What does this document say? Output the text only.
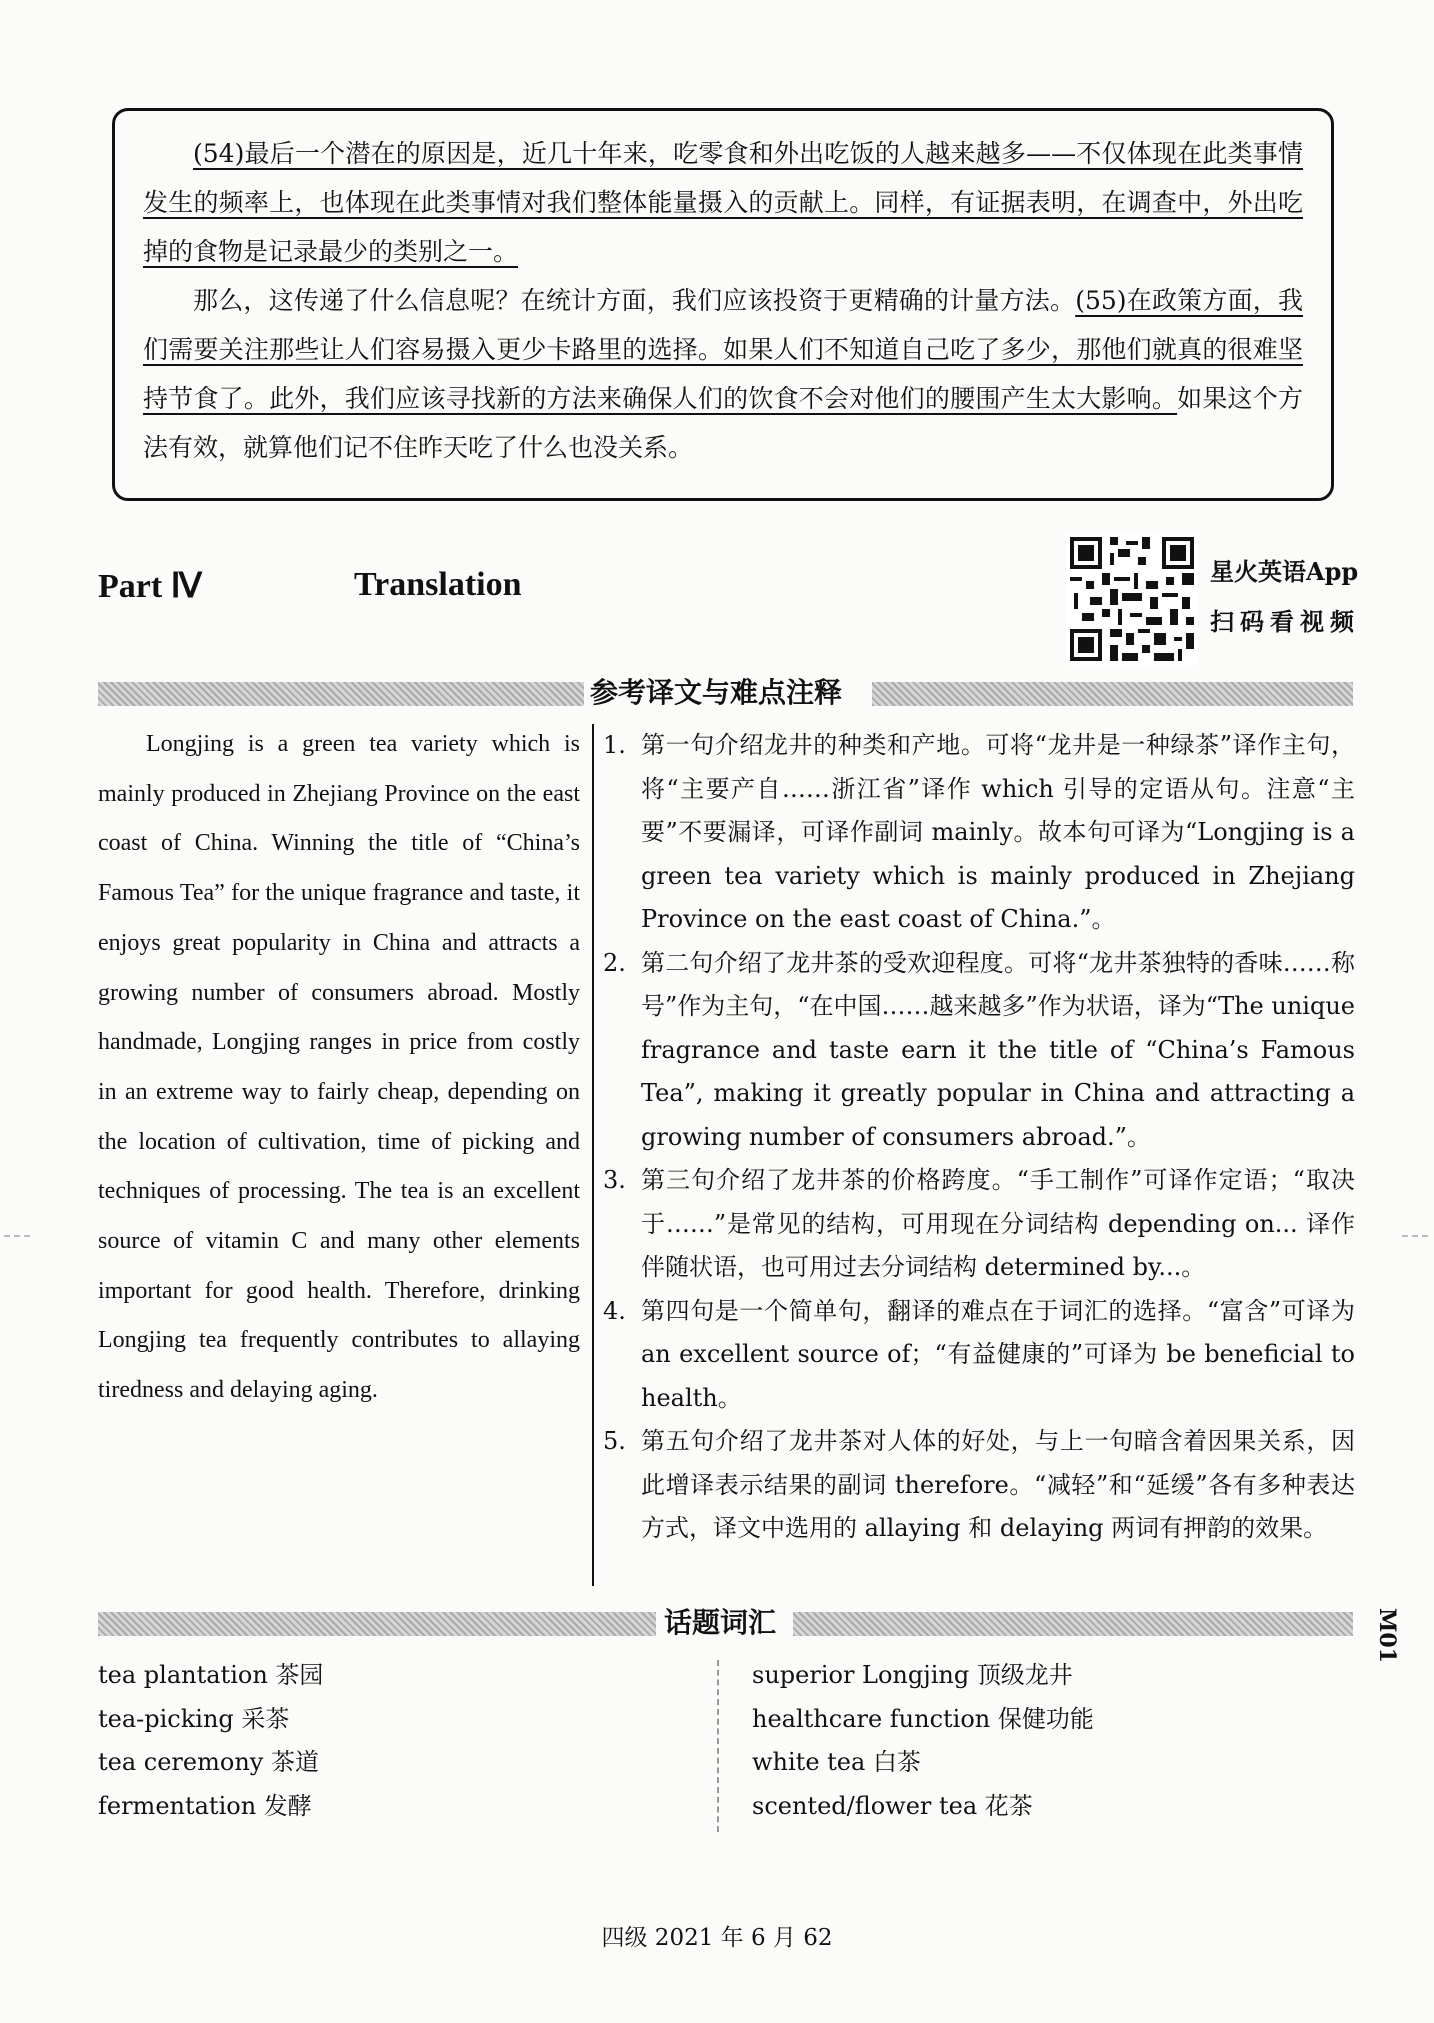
(54)最后一个潜在的原因是，近几十年来，吃零食和外出吃饭的人越来越多——不仅体现在此类事情发生的频率上，也体现在此类事情对我们整体能量摄入的贡献上。同样，有证据表明，在调查中，外出吃掉的食物是记录最少的类别之一。

那么，这传递了什么信息呢？在统计方面，我们应该投资于更精确的计量方法。(55)在政策方面，我们需要关注那些让人们容易摄入更少卡路里的选择。如果人们不知道自己吃了多少，那他们就真的很难坚持节食了。此外，我们应该寻找新的方法来确保人们的饮食不会对他们的腰围产生太大影响。如果这个方法有效，就算他们记不住昨天吃了什么也没关系。

Part Ⅳ	Translation	星火英语App
扫码看视频
参考译文与难点注释

Longjing is a green tea variety which is mainly produced in Zhejiang Province on the east coast of China. Winning the title of “China’s Famous Tea” for the unique fragrance and taste, it enjoys great popularity in China and attracts a growing number of consumers abroad. Mostly handmade, Longjing ranges in price from costly in an extreme way to fairly cheap, depending on the location of cultivation, time of picking and techniques of processing. The tea is an excellent source of vitamin C and many other elements important for good health. Therefore, drinking Longjing tea frequently contributes to allaying tiredness and delaying aging.

1. 第一句介绍龙井的种类和产地。可将“龙井是一种绿茶”译作主句，将“主要产自……浙江省”译作 which 引导的定语从句。注意“主要”不要漏译，可译作副词 mainly。故本句可译为“Longjing is a green tea variety which is mainly produced in Zhejiang Province on the east coast of China.”。
2. 第二句介绍了龙井茶的受欢迎程度。可将“龙井茶独特的香味……称号”作为主句，“在中国……越来越多”作为状语，译为“The unique fragrance and taste earn it the title of “China’s Famous Tea”, making it greatly popular in China and attracting a growing number of consumers abroad.”。
3. 第三句介绍了龙井茶的价格跨度。“手工制作”可译作定语；“取决于……”是常见的结构，可用现在分词结构 depending on... 译作伴随状语，也可用过去分词结构 determined by...。
4. 第四句是一个简单句，翻译的难点在于词汇的选择。“富含”可译为 an excellent source of；“有益健康的”可译为 be beneficial to health。
5. 第五句介绍了龙井茶对人体的好处，与上一句暗含着因果关系，因此增译表示结果的副词 therefore。“减轻”和“延缓”各有多种表达方式，译文中选用的 allaying 和 delaying 两词有押韵的效果。
话题词汇
tea plantation 茶园
tea-picking 采茶
tea ceremony 茶道
fermentation 发酵
superior Longjing 顶级龙井
healthcare function 保健功能
white tea 白茶
scented/flower tea 花茶
M01
四级 2021 年 6 月 62
